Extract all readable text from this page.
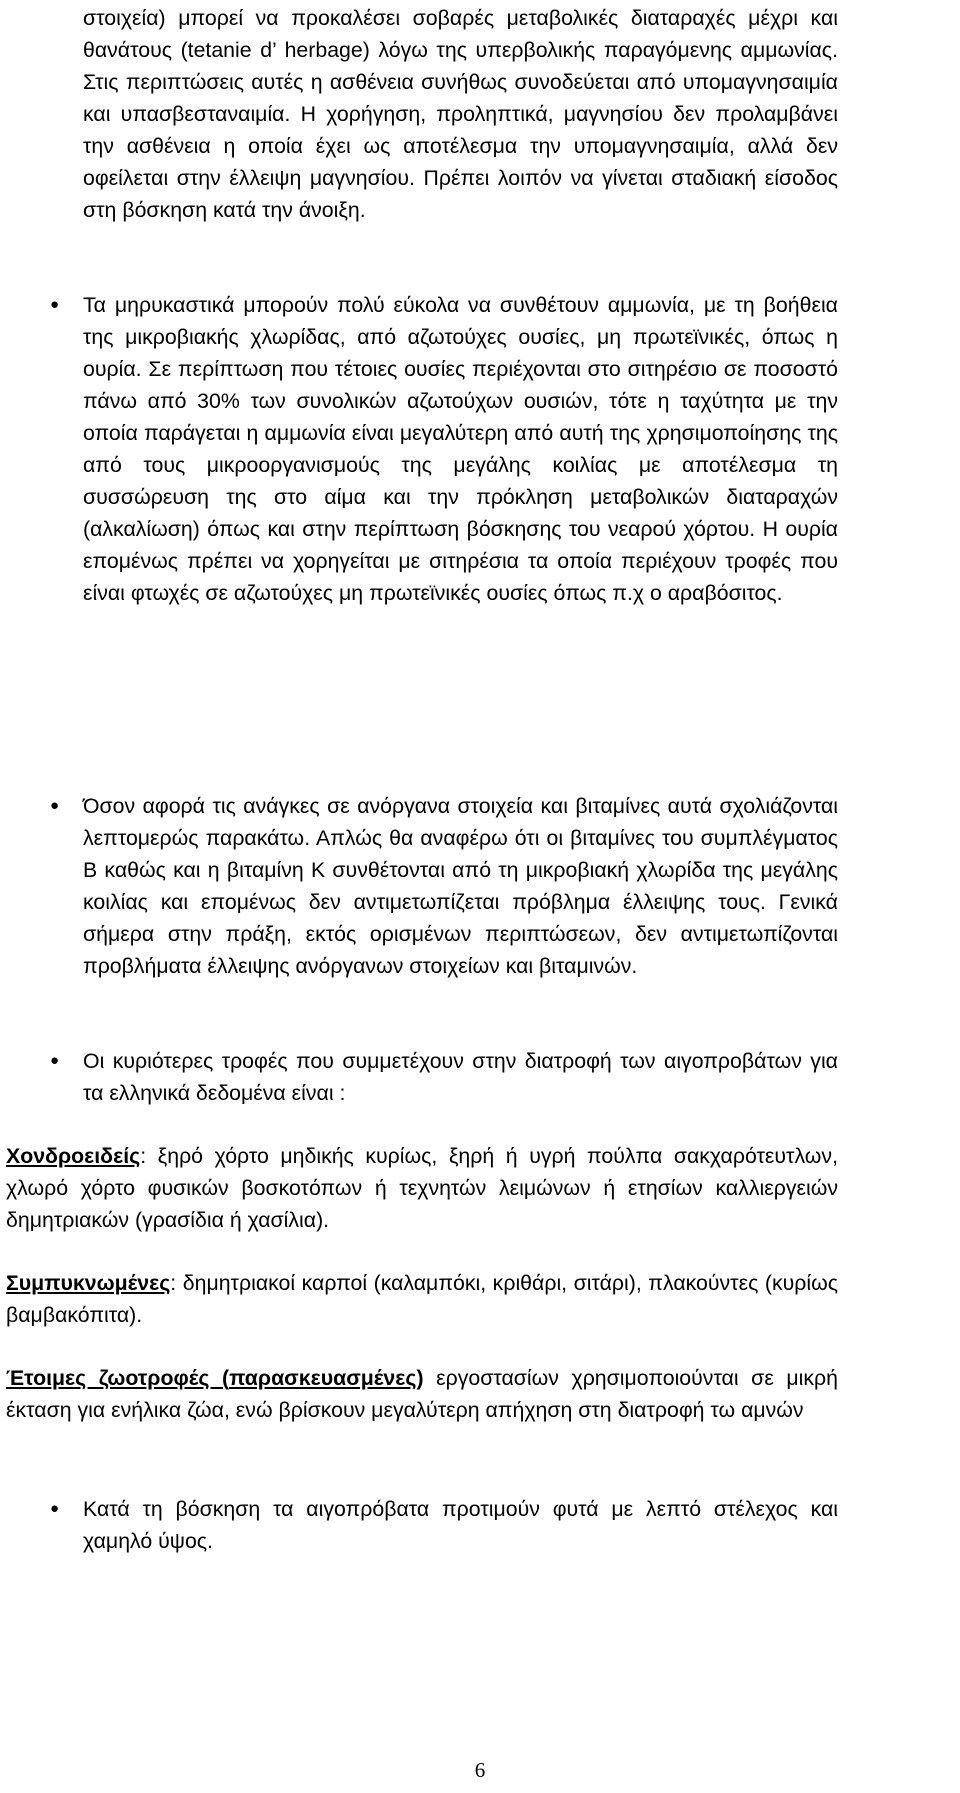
στοιχεία) μπορεί να προκαλέσει σοβαρές μεταβολικές διαταραχές μέχρι και θανάτους (tetanie d’ herbage) λόγω της υπερβολικής παραγόμενης αμμωνίας. Στις περιπτώσεις αυτές η ασθένεια συνήθως συνοδεύεται από υπομαγνησαιμία και υπασβεσταναιμία. Η χορήγηση, προληπτικά, μαγνησίου δεν προλαμβάνει την ασθένεια η οποία έχει ως αποτέλεσμα την υπομαγνησαιμία, αλλά δεν οφείλεται στην έλλειψη μαγνησίου. Πρέπει λοιπόν να γίνεται σταδιακή είσοδος στη βόσκηση κατά την άνοιξη.
● Τα μηρυκαστικά μπορούν πολύ εύκολα να συνθέτουν αμμωνία, με τη βοήθεια της μικροβιακής χλωρίδας, από αζωτούχες ουσίες, μη πρωτεϊνικές, όπως η ουρία. Σε περίπτωση που τέτοιες ουσίες περιέχονται στο σιτηρέσιο σε ποσοστό πάνω από 30% των συνολικών αζωτούχων ουσιών, τότε η ταχύτητα με την οποία παράγεται η αμμωνία είναι μεγαλύτερη από αυτή της χρησιμοποίησης της από τους μικροοργανισμούς της μεγάλης κοιλίας με αποτέλεσμα τη συσσώρευση της στο αίμα και την πρόκληση μεταβολικών διαταραχών (αλκαλίωση) όπως και στην περίπτωση βόσκησης του νεαρού χόρτου. Η ουρία επομένως πρέπει να χορηγείται με σιτηρέσια τα οποία περιέχουν τροφές που είναι φτωχές σε αζωτούχες μη πρωτεϊνικές ουσίες όπως π.χ ο αραβόσιτος.
● Όσον αφορά τις ανάγκες σε ανόργανα στοιχεία και βιταμίνες αυτά σχολιάζονται λεπτομερώς παρακάτω. Απλώς θα αναφέρω ότι οι βιταμίνες του συμπλέγματος Β καθώς και η βιταμίνη Κ συνθέτονται από τη μικροβιακή χλωρίδα της μεγάλης κοιλίας και επομένως δεν αντιμετωπίζεται πρόβλημα έλλειψης τους. Γενικά σήμερα στην πράξη, εκτός ορισμένων περιπτώσεων, δεν αντιμετωπίζονται προβλήματα έλλειψης ανόργανων στοιχείων και βιταμινών.
● Οι κυριότερες τροφές που συμμετέχουν στην διατροφή των αιγοπροβάτων για τα ελληνικά δεδομένα είναι :
Χονδροειδείς: ξηρό χόρτο μηδικής κυρίως, ξηρή ή υγρή πούλπα σακχαρότευτλων, χλωρό χόρτο φυσικών βοσκοτόπων ή τεχνητών λειμώνων ή ετησίων καλλιεργειών δημητριακών (γρασίδια ή χασίλια).
Συμπυκνωμένες: δημητριακοί καρποί (καλαμπόκι, κριθάρι, σιτάρι), πλακούντες (κυρίως βαμβακόπιτα).
Έτοιμες ζωοτροφές (παρασκευασμένες) εργοστασίων χρησιμοποιούνται σε μικρή έκταση για ενήλικα ζώα, ενώ βρίσκουν μεγαλύτερη απήχηση στη διατροφή τω αμνών
● Κατά τη βόσκηση τα αιγοπρόβατα προτιμούν φυτά με λεπτό στέλεχος και χαμηλό ύψος.
6
